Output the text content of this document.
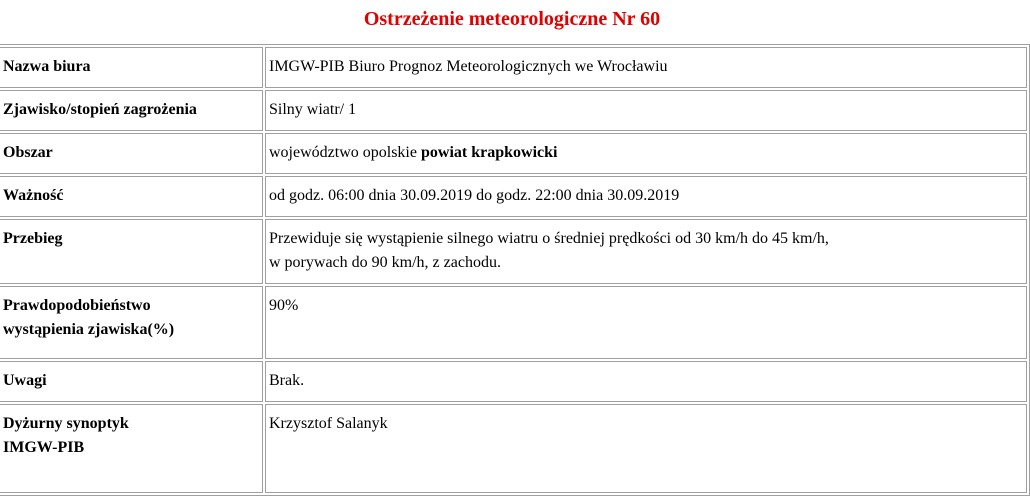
Ostrzeżenie meteorologiczne Nr 60
Nazwa biura	IMGW-PIB Biuro Prognoz Meteorologicznych we Wrocławiu
Zjawisko/stopień zagrożenia	Silny wiatr/ 1
Obszar	województwo opolskie powiat krapkowicki
Ważność	od godz. 06:00 dnia 30.09.2019 do godz. 22:00 dnia 30.09.2019
Przebieg	Przewiduje się wystąpienie silnego wiatru o średniej prędkości od 30 km/h do 45 km/h,
w porywach do 90 km/h, z zachodu.
Prawdopodobieństwo
wystąpienia zjawiska(%)	90%
Uwagi	Brak.
Dyżurny synoptyk
IMGW-PIB	Krzysztof Salanyk
